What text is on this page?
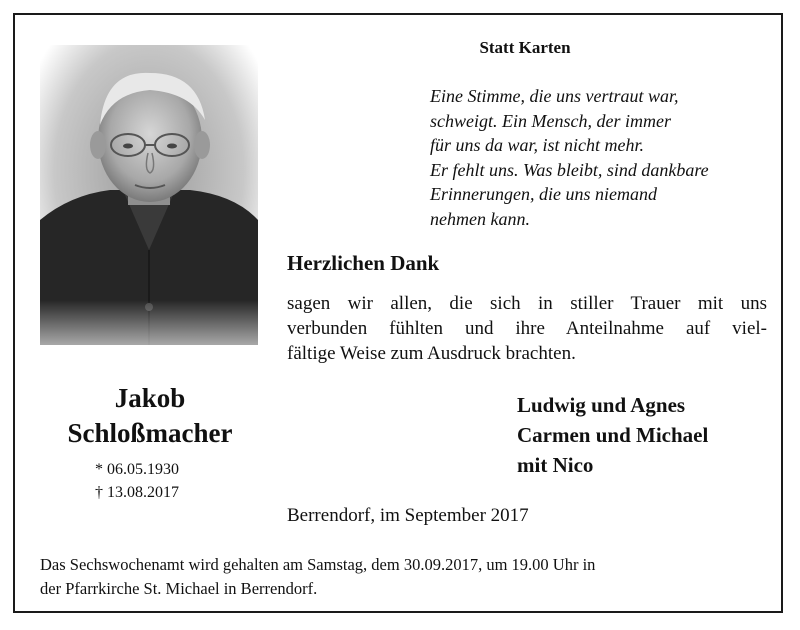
Statt Karten
Eine Stimme, die uns vertraut war,
schweigt. Ein Mensch, der immer
für uns da war, ist nicht mehr.
Er fehlt uns. Was bleibt, sind dankbare
Erinnerungen, die uns niemand
nehmen kann.
Herzlichen Dank
sagen wir allen, die sich in stiller Trauer mit uns
verbunden fühlten und ihre Anteilnahme auf viel-
fältige Weise zum Ausdruck brachten.
Jakob
Schloßmacher
* 06.05.1930
† 13.08.2017
Ludwig und Agnes
Carmen und Michael
mit Nico
Berrendorf, im September 2017
Das Sechswochenamt wird gehalten am Samstag, dem 30.09.2017, um 19.00 Uhr in
der Pfarrkirche St. Michael in Berrendorf.
